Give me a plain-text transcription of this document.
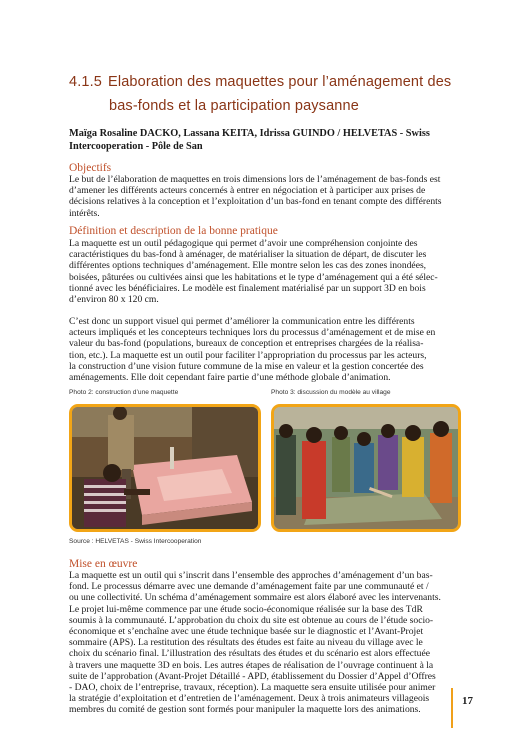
4.1.5 Elaboration des maquettes pour l’aménagement des
bas-fonds et la participation paysanne
Maïga Rosaline DACKO, Lassana KEITA, Idrissa GUINDO / HELVETAS - Swiss
Intercooperation - Pôle de San
Objectifs
Le but de l’élaboration de maquettes en trois dimensions lors de l’aménagement de bas-fonds est
d’amener les différents acteurs concernés à entrer en négociation et à participer aux prises de
décisions relatives à la conception et l’exploitation d’un bas-fond en tenant compte des différents
intérêts.
Définition et description de la bonne pratique
La maquette est un outil pédagogique qui permet d’avoir une compréhension conjointe des
caractéristiques du bas-fond à aménager, de matérialiser la situation de départ, de discuter les
différentes options techniques d’aménagement. Elle montre selon les cas des zones inondées,
boisées, pâturées ou cultivées ainsi que les habitations et le type d’aménagement qui a été sélec-
tionné avec les bénéficiaires. Le modèle est finalement matérialisé par un support 3D en bois
d’environ 80 x 120 cm.
C’est donc un support visuel qui permet d’améliorer la communication entre les différents
acteurs impliqués et les concepteurs techniques lors du processus d’aménagement et de mise en
valeur du bas-fond (populations, bureaux de conception et entreprises chargées de la réalisa-
tion, etc.). La maquette est un outil pour faciliter l’appropriation du processus par les acteurs,
la construction d’une vision future commune de la mise en valeur et la gestion concertée des
aménagements. Elle doit cependant faire partie d’une méthode globale d’animation.
Photo 2: construction d’une maquette	Photo 3: discussion du modèle au village
Source : HELVETAS - Swiss Intercooperation
Mise en œuvre
La maquette est un outil qui s’inscrit dans l’ensemble des approches d’aménagement d’un bas-
fond. Le processus démarre avec une demande d’aménagement faite par une communauté et /
ou une collectivité. Un schéma d’aménagement sommaire est alors élaboré avec les intervenants.
Le projet lui-même commence par une étude socio-économique réalisée sur la base des TdR
soumis à la communauté. L’approbation du choix du site est obtenue au cours de l’étude socio-
économique et s’enchaîne avec une étude technique basée sur le diagnostic et l’Avant-Projet
sommaire (APS). La restitution des résultats des études est faite au niveau du village avec le
choix du scénario final. L’illustration des résultats des études et du scénario est alors effectuée
à travers une maquette 3D en bois. Les autres étapes de réalisation de l’ouvrage continuent à la
suite de l’approbation (Avant-Projet Détaillé - APD, établissement du Dossier d’Appel d’Offres
- DAO, choix de l’entreprise, travaux, réception). La maquette sera ensuite utilisée pour animer
la stratégie d’exploitation et d’entretien de l’aménagement. Deux à trois animateurs villageois
membres du comité de gestion sont formés pour manipuler la maquette lors des animations.
17
